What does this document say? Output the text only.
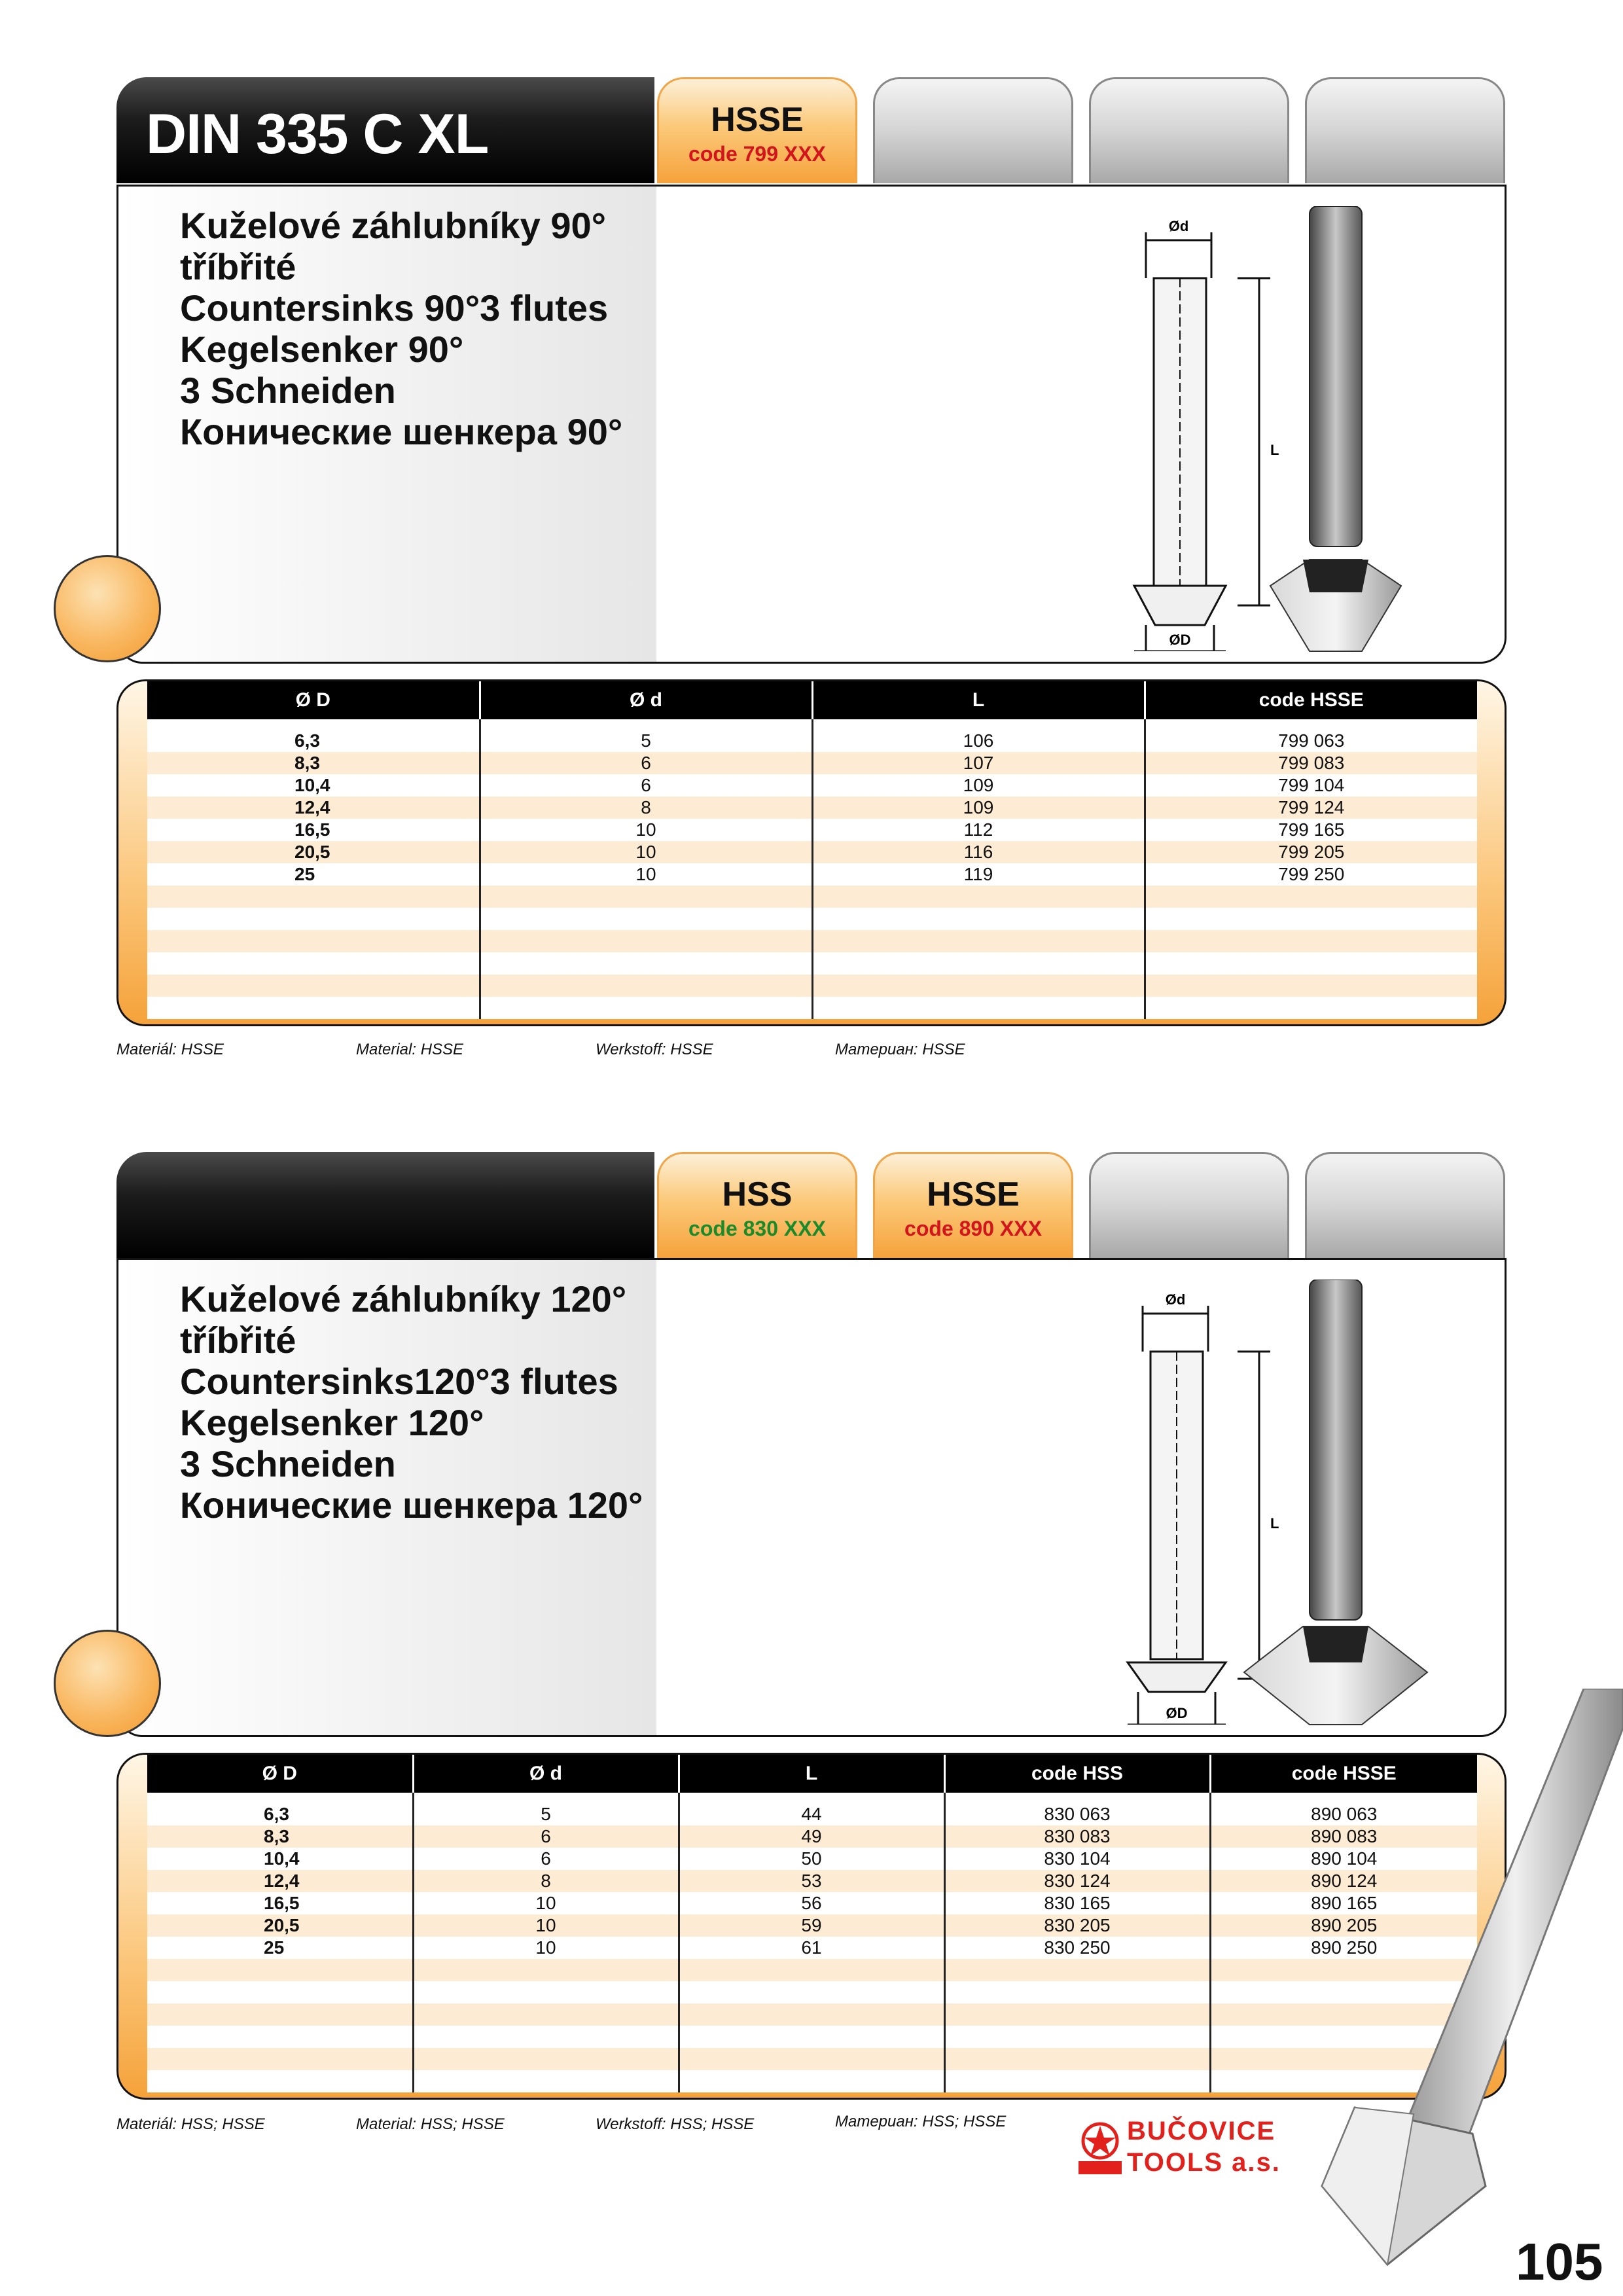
DIN 335 C XL	HSSE
code 799 XXX
Kuželové záhlubníky 90°
tříbřité
Countersinks 90°3 flutes
Kegelsenker 90°
3 Schneiden
Конические шенкера 90°
Ød
ØD
L
Ø D	Ø d	L	code HSSE

6,3	5	106	799 063
8,3	6	107	799 083
10,4	6	109	799 104
12,4	8	109	799 124
16,5	10	112	799 165
20,5	10	116	799 205
25	10	119	799 250

Materiál: HSSE	Material: HSSE	Werkstoff: HSSE	Mamepuaн: HSSE
HSS
code 830 XXX
HSSE
code 890 XXX
Kuželové záhlubníky 120°
tříbřité
Countersinks120°3 flutes
Kegelsenker 120°
3 Schneiden
Конические шенкера 120°
Ød
ØD
L
Ø D	Ø d	L	code HSS	code HSSE

6,3	5	44	830 063	890 063
8,3	6	49	830 083	890 083
10,4	6	50	830 104	890 104
12,4	8	53	830 124	890 124
16,5	10	56	830 165	890 165
20,5	10	59	830 205	890 205
25	10	61	830 250	890 250

Materiál: HSS; HSSE	Material: HSS; HSSE	Werkstoff: HSS; HSSE	Mamepuaн: HSS; HSSE	BUČOVICE
TOOLS a.s.
105
